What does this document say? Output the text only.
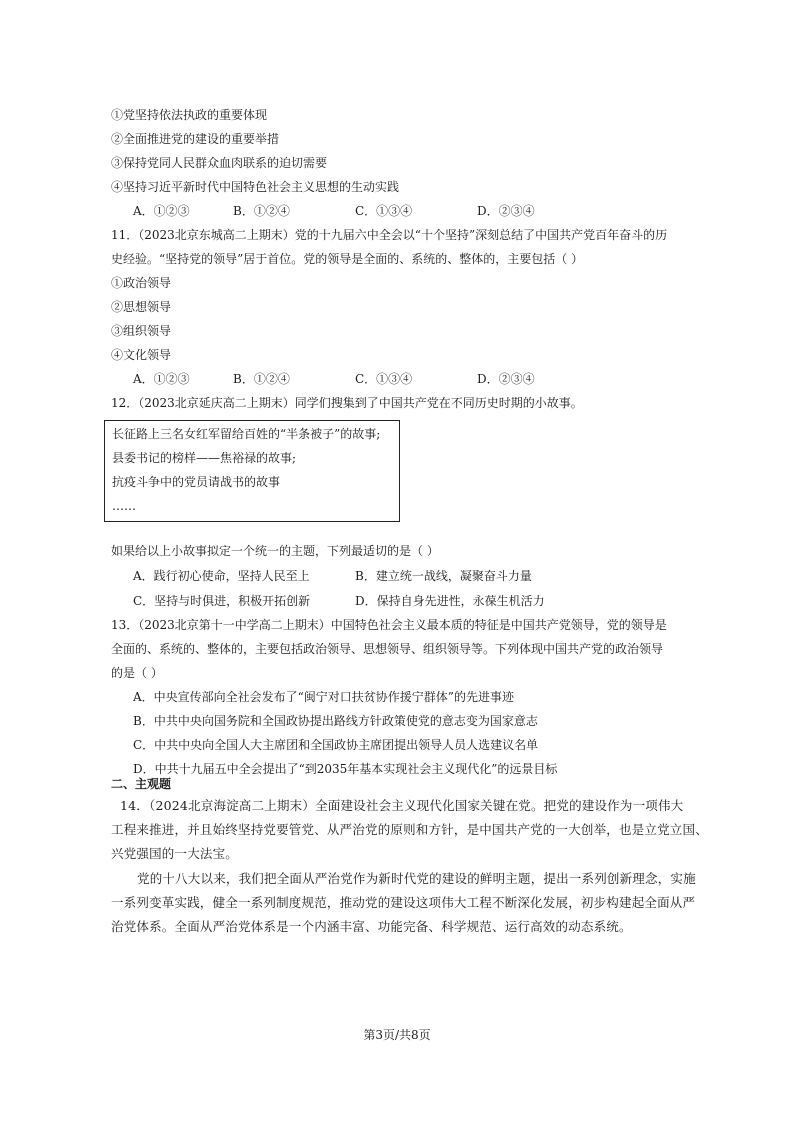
①党坚持依法执政的重要体现
②全面推进党的建设的重要举措
③保持党同人民群众血肉联系的迫切需要
④坚持习近平新时代中国特色社会主义思想的生动实践
A．①②③	B．①②④	C．①③④	D．②③④
11．（2023北京东城高二上期末）党的十九届六中全会以“十个坚持”深刻总结了中国共产党百年奋斗的历
史经验。“坚持党的领导”居于首位。党的领导是全面的、系统的、整体的，主要包括（ ）
①政治领导
②思想领导
③组织领导
④文化领导
A．①②③	B．①②④	C．①③④	D．②③④
12．（2023北京延庆高二上期末）同学们搜集到了中国共产党在不同历史时期的小故事。
长征路上三名女红军留给百姓的“半条被子”的故事;
县委书记的榜样——焦裕禄的故事;
抗疫斗争中的党员请战书的故事
……
如果给以上小故事拟定一个统一的主题，下列最适切的是（ ）
A．践行初心使命，坚持人民至上	B．建立统一战线，凝聚奋斗力量
C．坚持与时俱进，积极开拓创新	D．保持自身先进性，永葆生机活力
13．（2023北京第十一中学高二上期末）中国特色社会主义最本质的特征是中国共产党领导，党的领导是
全面的、系统的、整体的，主要包括政治领导、思想领导、组织领导等。下列体现中国共产党的政治领导
的是（ ）
A．中央宣传部向全社会发布了“闽宁对口扶贫协作援宁群体”的先进事迹
B．中共中央向国务院和全国政协提出路线方针政策使党的意志变为国家意志
C．中共中央向全国人大主席团和全国政协主席团提出领导人员人选建议名单
D．中共十九届五中全会提出了“到2035年基本实现社会主义现代化”的远景目标
二、主观题
14．（2024北京海淀高二上期末）全面建设社会主义现代化国家关键在党。把党的建设作为一项伟大
工程来推进，并且始终坚持党要管党、从严治党的原则和方针，是中国共产党的一大创举，也是立党立国、
兴党强国的一大法宝。
党的十八大以来，我们把全面从严治党作为新时代党的建设的鲜明主题，提出一系列创新理念，实施
一系列变革实践，健全一系列制度规范，推动党的建设这项伟大工程不断深化发展，初步构建起全面从严
治党体系。全面从严治党体系是一个内涵丰富、功能完备、科学规范、运行高效的动态系统。
第3页/共8页
